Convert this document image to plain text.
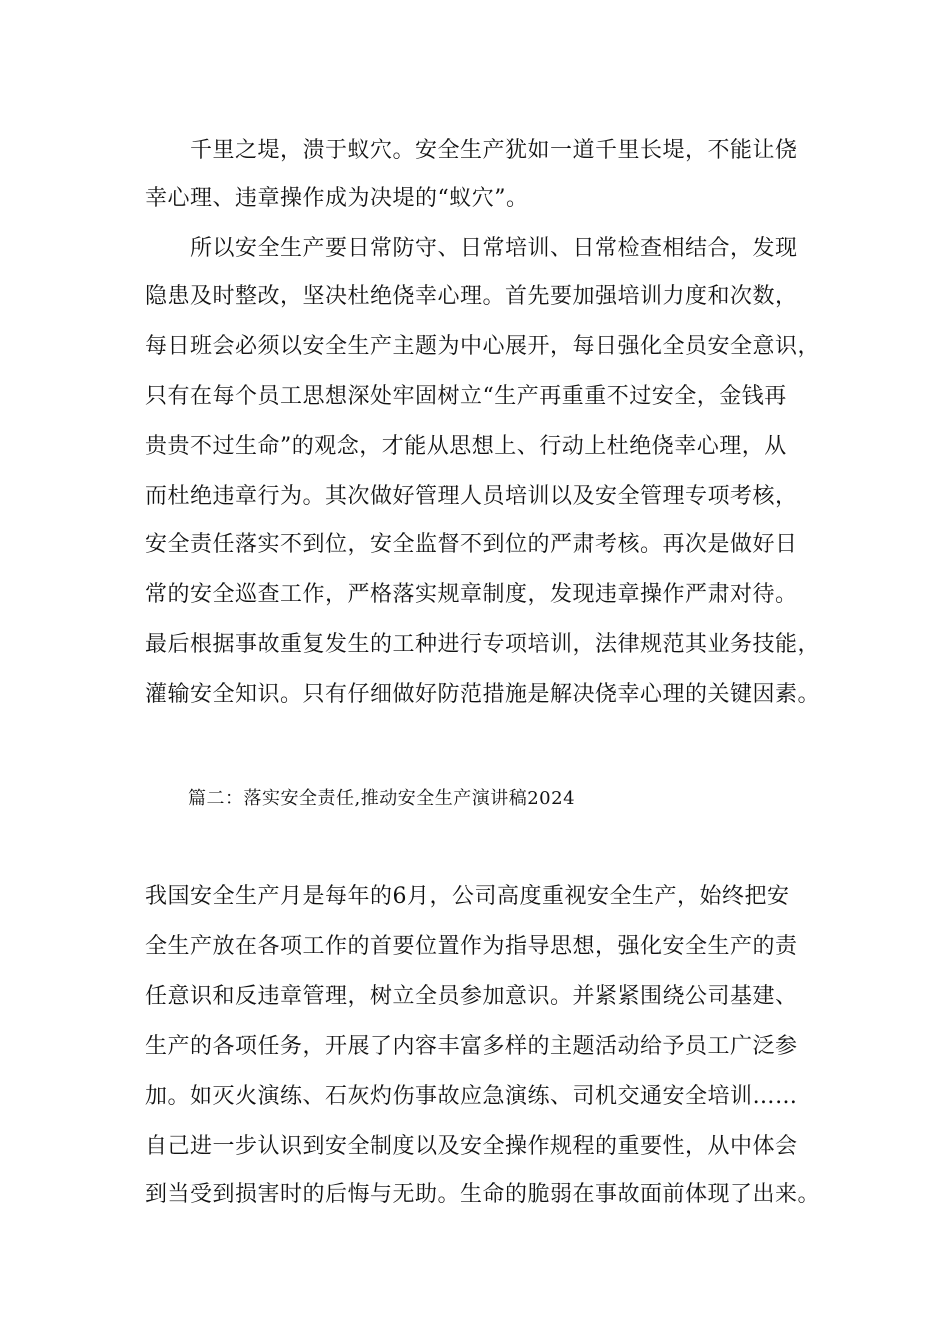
千里之堤，溃于蚁穴。安全生产犹如一道千里长堤，不能让侥

幸心理、违章操作成为决堤的“蚁穴”。

所以安全生产要日常防守、日常培训、日常检查相结合，发现

隐患及时整改，坚决杜绝侥幸心理。首先要加强培训力度和次数，

每日班会必须以安全生产主题为中心展开，每日强化全员安全意识，

只有在每个员工思想深处牢固树立“生产再重重不过安全，金钱再

贵贵不过生命”的观念，才能从思想上、行动上杜绝侥幸心理，从

而杜绝违章行为。其次做好管理人员培训以及安全管理专项考核，

安全责任落实不到位，安全监督不到位的严肃考核。再次是做好日

常的安全巡查工作，严格落实规章制度，发现违章操作严肃对待。

最后根据事故重复发生的工种进行专项培训，法律规范其业务技能，

灌输安全知识。只有仔细做好防范措施是解决侥幸心理的关键因素。

篇二：落实安全责任,推动安全生产演讲稿2024

我国安全生产月是每年的6月，公司高度重视安全生产，始终把安

全生产放在各项工作的首要位置作为指导思想，强化安全生产的责

任意识和反违章管理，树立全员参加意识。并紧紧围绕公司基建、

生产的各项任务，开展了内容丰富多样的主题活动给予员工广泛参

加。如灭火演练、石灰灼伤事故应急演练、司机交通安全培训……

自己进一步认识到安全制度以及安全操作规程的重要性，从中体会

到当受到损害时的后悔与无助。生命的脆弱在事故面前体现了出来。
